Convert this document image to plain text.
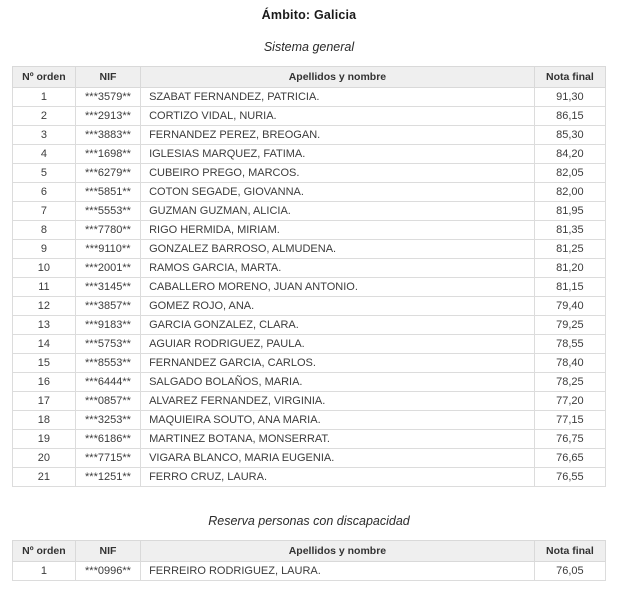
Ámbito: Galicia
Sistema general
Nº orden	NIF	Apellidos y nombre	Nota final
1	***3579**	SZABAT FERNANDEZ, PATRICIA.	91,30
2	***2913**	CORTIZO VIDAL, NURIA.	86,15
3	***3883**	FERNANDEZ PEREZ, BREOGAN.	85,30
4	***1698**	IGLESIAS MARQUEZ, FATIMA.	84,20
5	***6279**	CUBEIRO PREGO, MARCOS.	82,05
6	***5851**	COTON SEGADE, GIOVANNA.	82,00
7	***5553**	GUZMAN GUZMAN, ALICIA.	81,95
8	***7780**	RIGO HERMIDA, MIRIAM.	81,35
9	***9110**	GONZALEZ BARROSO, ALMUDENA.	81,25
10	***2001**	RAMOS GARCIA, MARTA.	81,20
11	***3145**	CABALLERO MORENO, JUAN ANTONIO.	81,15
12	***3857**	GOMEZ ROJO, ANA.	79,40
13	***9183**	GARCIA GONZALEZ, CLARA.	79,25
14	***5753**	AGUIAR RODRIGUEZ, PAULA.	78,55
15	***8553**	FERNANDEZ GARCIA, CARLOS.	78,40
16	***6444**	SALGADO BOLAÑOS, MARIA.	78,25
17	***0857**	ALVAREZ FERNANDEZ, VIRGINIA.	77,20
18	***3253**	MAQUIEIRA SOUTO, ANA MARIA.	77,15
19	***6186**	MARTINEZ BOTANA, MONSERRAT.	76,75
20	***7715**	VIGARA BLANCO, MARIA EUGENIA.	76,65
21	***1251**	FERRO CRUZ, LAURA.	76,55
Reserva personas con discapacidad
Nº orden	NIF	Apellidos y nombre	Nota final
1	***0996**	FERREIRO RODRIGUEZ, LAURA.	76,05
